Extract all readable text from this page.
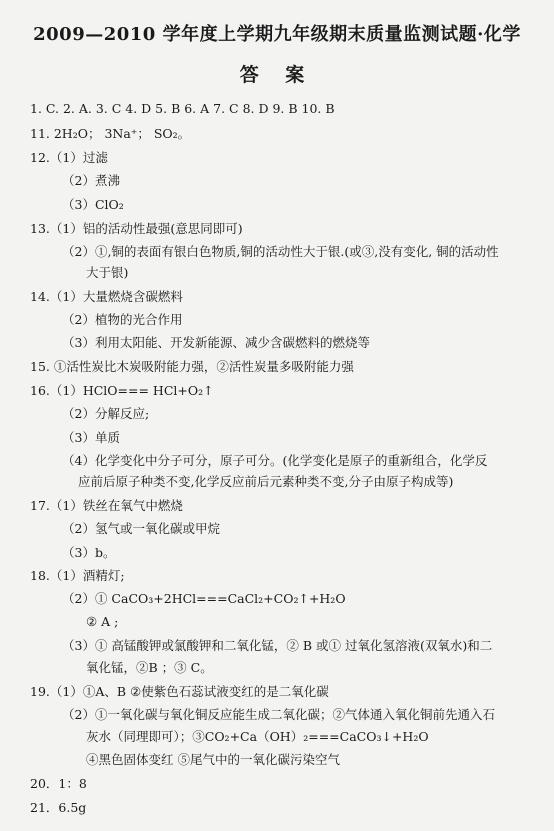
2009—2010 学年度上学期九年级期末质量监测试题·化学
答 案
1. C. 2. A. 3. C 4. D 5. B 6. A 7. C 8. D 9. B 10. B
11. 2H₂O； 3Na⁺； SO₂。
12.（1）过滤
（2）煮沸
（3）ClO₂
13.（1）铝的活动性最强(意思同即可)
（2）①,铜的表面有银白色物质,铜的活动性大于银.(或③,没有变化, 铜的活动性
大于银)
14.（1）大量燃烧含碳燃料
（2）植物的光合作用
（3）利用太阳能、开发新能源、减少含碳燃料的燃烧等
15. ①活性炭比木炭吸附能力强，②活性炭量多吸附能力强
16.（1）HClO=== HCl+O₂↑
（2）分解反应;
（3）单质
（4）化学变化中分子可分，原子可分。(化学变化是原子的重新组合，化学反
应前后原子种类不变,化学反应前后元素种类不变,分子由原子构成等)
17.（1）铁丝在氧气中燃烧
（2）氢气或一氧化碳或甲烷
（3）b。
18.（1）酒精灯;
（2）① CaCO₃+2HCl===CaCl₂+CO₂↑+H₂O
② A ;
（3）① 高锰酸钾或氯酸钾和二氧化锰，② B 或① 过氧化氢溶液(双氧水)和二
氧化锰，②B ；③ C。
19.（1）①A、B ②使紫色石蕊试液变红的是二氧化碳
（2）①一氧化碳与氧化铜反应能生成二氧化碳；②气体通入氧化铜前先通入石
灰水（同理即可）；③CO₂+Ca（OH）₂===CaCO₃↓+H₂O
④黑色固体变红 ⑤尾气中的一氧化碳污染空气
20．1：8
21．6.5g
